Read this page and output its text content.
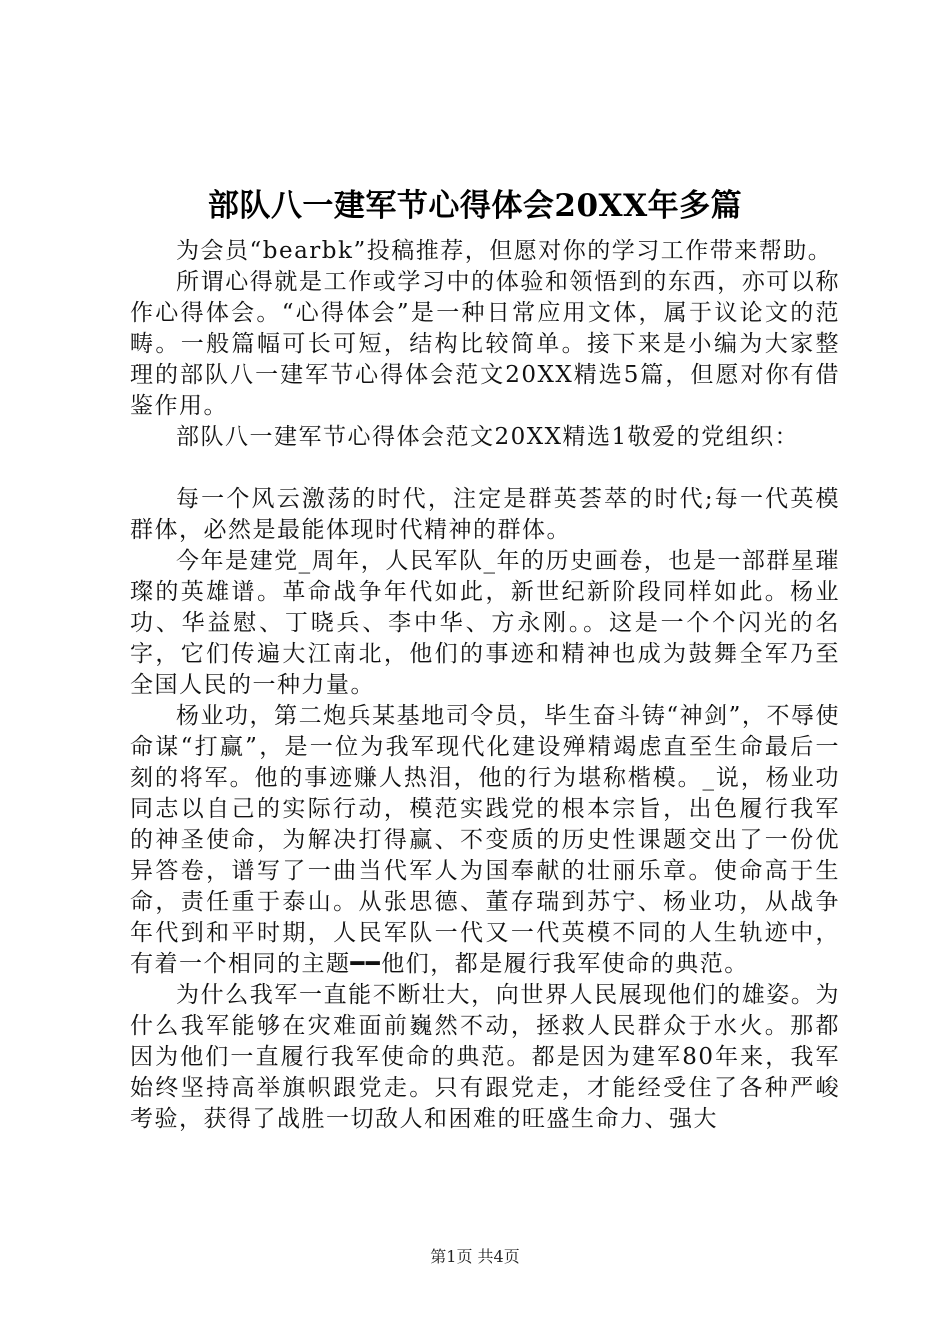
部队八一建军节心得体会20XX年多篇

为会员“bearbk”投稿推荐，但愿对你的学习工作带来帮助。

所谓心得就是工作或学习中的体验和领悟到的东西，亦可以称作心得体会。“心得体会”是一种日常应用文体，属于议论文的范畴。一般篇幅可长可短，结构比较简单。接下来是小编为大家整理的部队八一建军节心得体会范文20XX精选5篇，但愿对你有借鉴作用。

部队八一建军节心得体会范文20XX精选1敬爱的党组织：

每一个风云激荡的时代，注定是群英荟萃的时代;每一代英模群体，必然是最能体现时代精神的群体。

今年是建党_周年，人民军队_年的历史画卷，也是一部群星璀璨的英雄谱。革命战争年代如此，新世纪新阶段同样如此。杨业功、华益慰、丁晓兵、李中华、方永刚。。这是一个个闪光的名字，它们传遍大江南北，他们的事迹和精神也成为鼓舞全军乃至全国人民的一种力量。

杨业功，第二炮兵某基地司令员，毕生奋斗铸“神剑”，不辱使命谋“打赢”，是一位为我军现代化建设殚精竭虑直至生命最后一刻的将军。他的事迹赚人热泪，他的行为堪称楷模。_说，杨业功同志以自己的实际行动，模范实践党的根本宗旨，出色履行我军的神圣使命，为解决打得赢、不变质的历史性课题交出了一份优异答卷，谱写了一曲当代军人为国奉献的壮丽乐章。使命高于生命，责任重于泰山。从张思德、董存瑞到苏宁、杨业功，从战争年代到和平时期，人民军队一代又一代英模不同的人生轨迹中，有着一个相同的主题━━他们，都是履行我军使命的典范。

为什么我军一直能不断壮大，向世界人民展现他们的雄姿。为什么我军能够在灾难面前巍然不动，拯救人民群众于水火。那都因为他们一直履行我军使命的典范。都是因为建军80年来，我军始终坚持高举旗帜跟党走。只有跟党走，才能经受住了各种严峻考验，获得了战胜一切敌人和困难的旺盛生命力、强大

第1页 共4页
